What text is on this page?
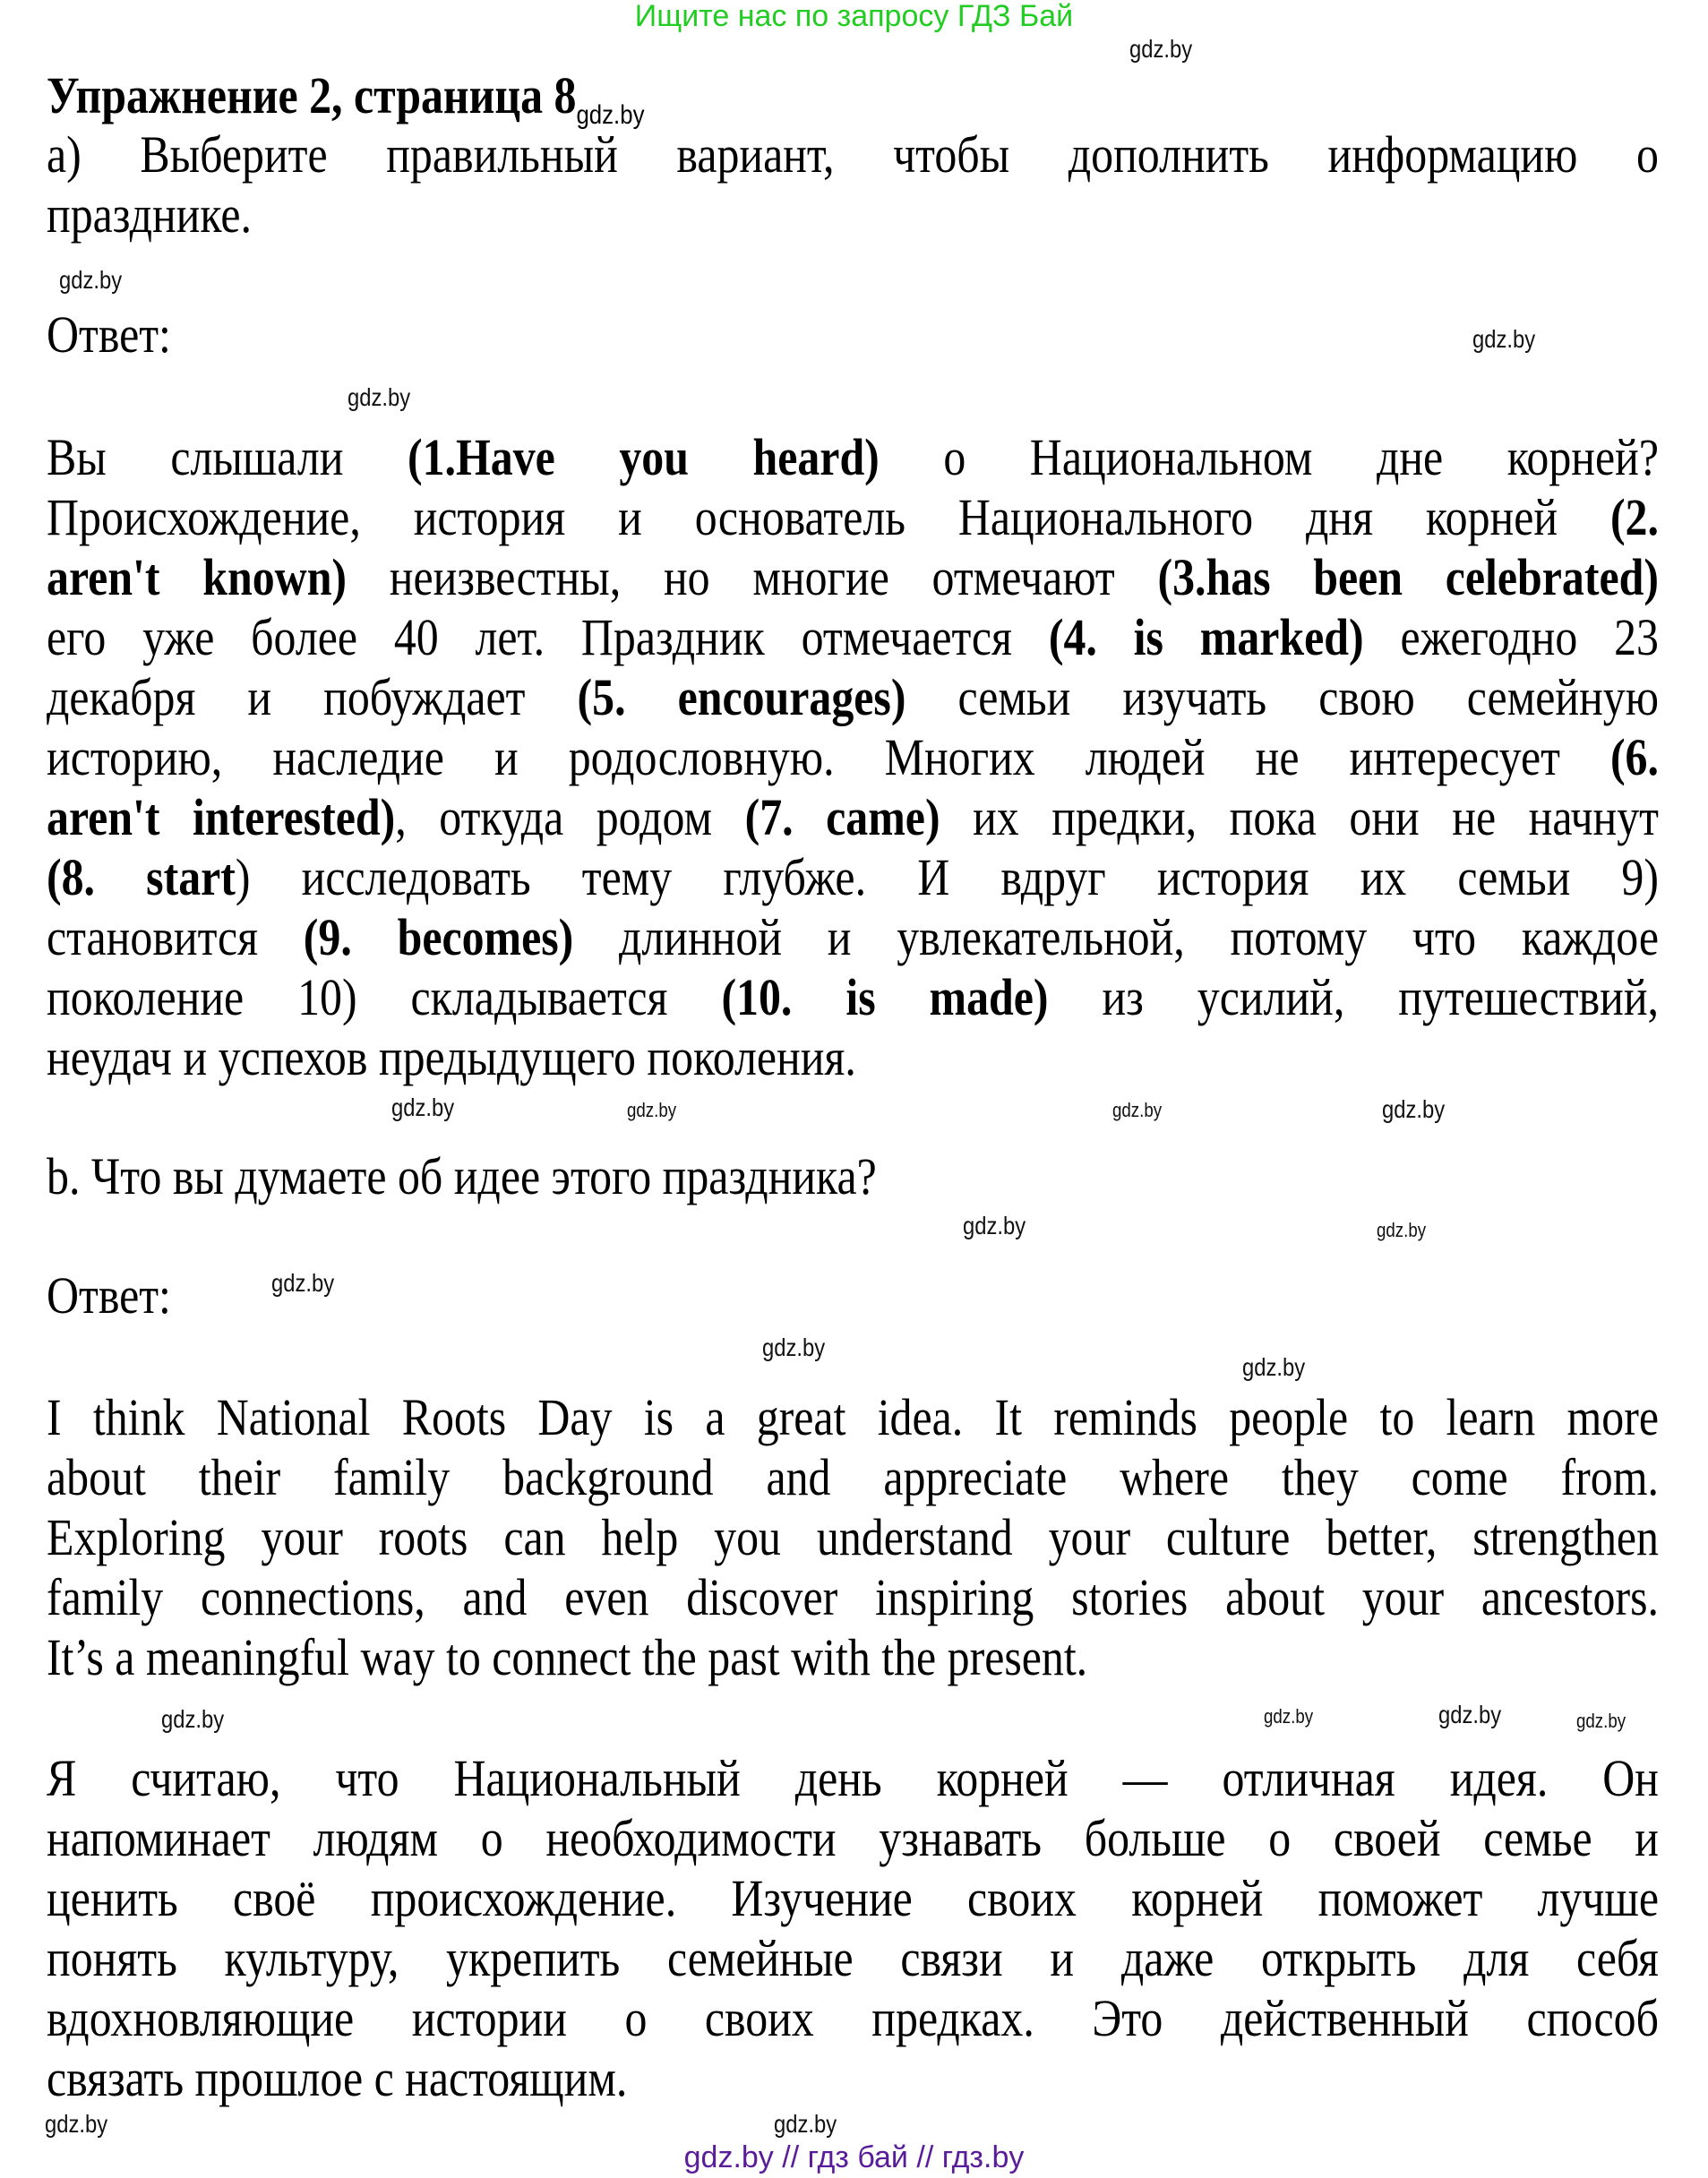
Ищите нас по запросу ГДЗ Бай
Упражнение 2, страница $8_{gdz.by}$
а) Выберите правильный вариант, чтобы дополнить информацию о
празднике.
Ответ:
Вы слышали (1.Have you heard) о Национальном дне корней?
Происхождение, история и основатель Национального дня корней (2.
aren't known) неизвестны, но многие отмечают (3.has been celebrated)
его уже более 40 лет. Праздник отмечается (4. is marked) ежегодно 23
декабря и побуждает (5. encourages) семьи изучать свою семейную
историю, наследие и родословную. Многих людей не интересует (6.
aren't interested), откуда родом (7. came) их предки, пока они не начнут
(8. start) исследовать тему глубже. И вдруг история их семьи 9)
становится (9. becomes) длинной и увлекательной, потому что каждое
поколение 10) складывается (10. is made) из усилий, путешествий,
неудач и успехов предыдущего поколения.
b. Что вы думаете об идее этого праздника?
Ответ:
I think National Roots Day is a great idea. It reminds people to learn more
about their family background and appreciate where they come from.
Exploring your roots can help you understand your culture better, strengthen
family connections, and even discover inspiring stories about your ancestors.
It’s a meaningful way to connect the past with the present.
Я считаю, что Национальный день корней — отличная идея. Он
напоминает людям о необходимости узнавать больше о своей семье и
ценить своё происхождение. Изучение своих корней поможет лучше
понять культуру, укрепить семейные связи и даже открыть для себя
вдохновляющие истории о своих предках. Это действенный способ
связать прошлое с настоящим.
gdz.by
gdz.by
gdz.by
gdz.by
gdz.by	gdz.by
gdz.by
gdz.by
gdz.by
gdz.by
gdz.by
gdz.by
gdz.by
gdz.by
gdz.by	gdz.by
gdz.by
gdz.by
gdz.by
gdz.by // гдз бай // гдз.by
